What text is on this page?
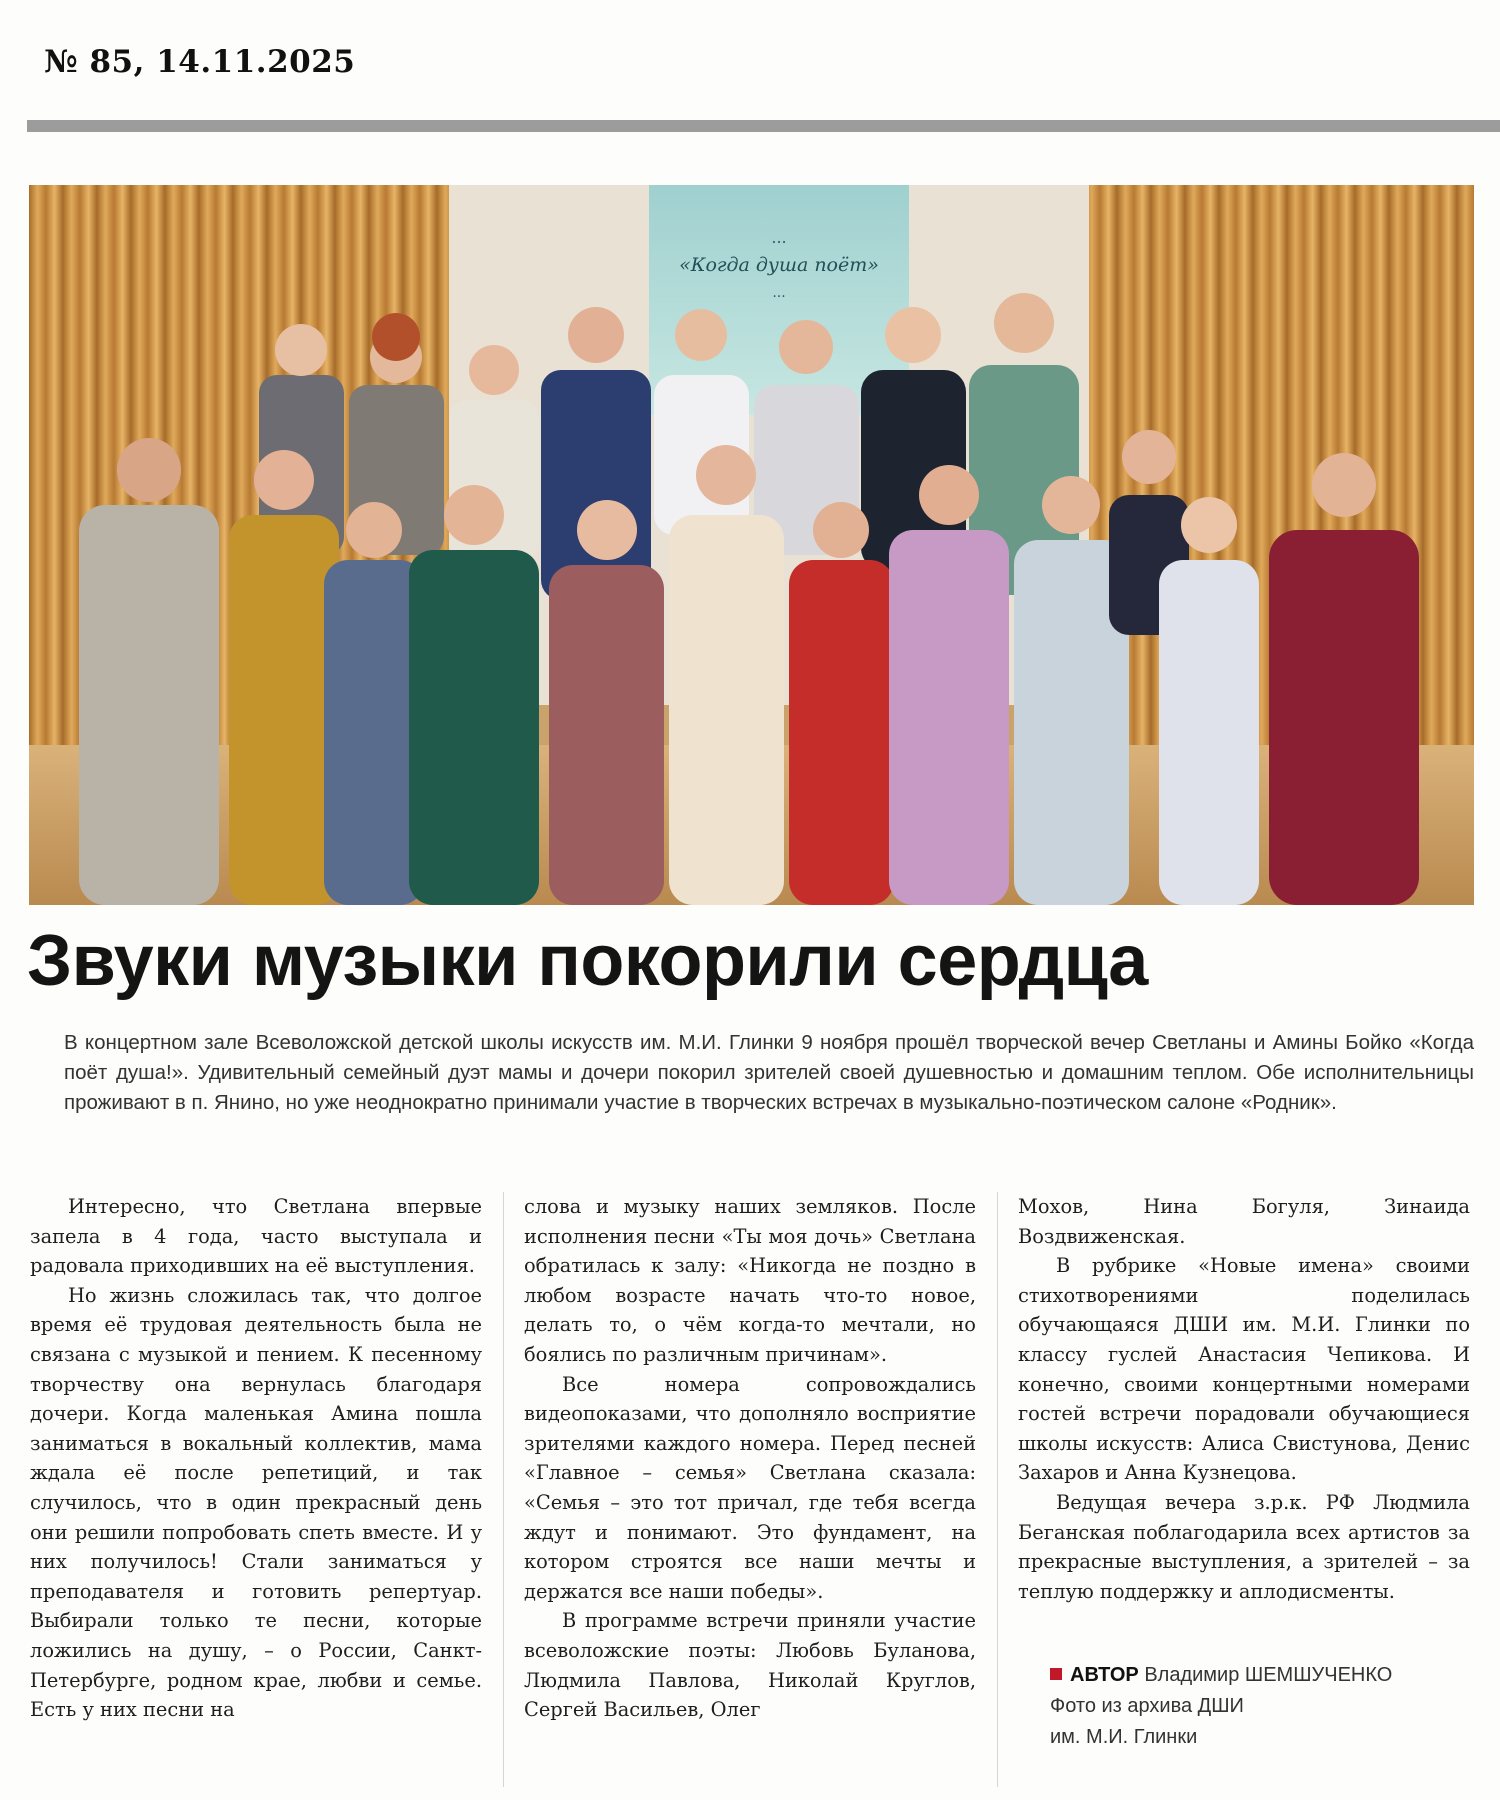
№ 85, 14.11.2025
...
«Когда душа поёт»
...
Звуки музыки покорили сердца
В концертном зале Всеволожской детской школы искусств им. М.И. Глинки 9 ноября прошёл творческой вечер Светланы и Амины Бойко «Когда поёт душа!». Удивительный семейный дуэт мамы и дочери покорил зрителей своей душевностью и домашним теплом. Обе исполнительницы проживают в п. Янино, но уже неоднократно принимали участие в творческих встречах в музыкально-поэтическом салоне «Родник».

Интересно, что Светлана впервые запела в 4 года, часто выступала и радовала приходивших на её выступления.

Но жизнь сложилась так, что долгое время её трудовая деятельность была не связана с музыкой и пением. К песенному творчеству она вернулась благодаря дочери. Когда маленькая Амина пошла заниматься в вокальный коллектив, мама ждала её после репетиций, и так случилось, что в один прекрасный день они решили попробовать спеть вместе. И у них получилось! Стали заниматься у преподавателя и готовить репертуар. Выбирали только те песни, которые ложились на душу, – о России, Санкт-Петербурге, родном крае, любви и семье. Есть у них песни на

слова и музыку наших земляков. После исполнения песни «Ты моя дочь» Светлана обратилась к залу: «Никогда не поздно в любом возрасте начать что-то новое, делать то, о чём когда-то мечтали, но боялись по различным причинам».

Все номера сопровождались видеопоказами, что дополняло восприятие зрителями каждого номера. Перед песней «Главное – семья» Светлана сказала: «Семья – это тот причал, где тебя всегда ждут и понимают. Это фундамент, на котором строятся все наши мечты и держатся все наши победы».

В программе встречи приняли участие всеволожские поэты: Любовь Буланова, Людмила Павлова, Николай Круглов, Сергей Васильев, Олег

Мохов, Нина Богуля, Зинаида Воздвиженская.

В рубрике «Новые имена» своими стихотворениями поделилась обучающаяся ДШИ им. М.И. Глинки по классу гуслей Анастасия Чепикова. И конечно, своими концертными номерами гостей встречи порадовали обучающиеся школы искусств: Алиса Свистунова, Денис Захаров и Анна Кузнецова.

Ведущая вечера з.р.к. РФ Людмила Беганская поблагодарила всех артистов за прекрасные выступления, а зрителей – за теплую поддержку и аплодисменты.

АВТОР Владимир ШЕМШУЧЕНКО
Фото из архива ДШИ
им. М.И. Глинки
